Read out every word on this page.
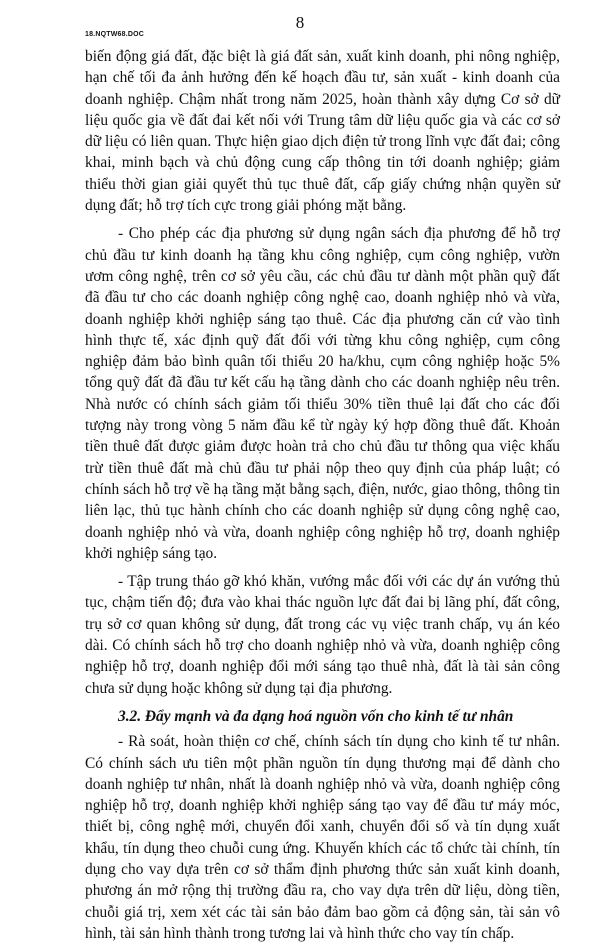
18.NQTW68.DOC
8

biến động giá đất, đặc biệt là giá đất sản, xuất kinh doanh, phi nông nghiệp, hạn chế tối đa ảnh hưởng đến kế hoạch đầu tư, sản xuất - kinh doanh của doanh nghiệp. Chậm nhất trong năm 2025, hoàn thành xây dựng Cơ sở dữ liệu quốc gia về đất đai kết nối với Trung tâm dữ liệu quốc gia và các cơ sở dữ liệu có liên quan. Thực hiện giao dịch điện tử trong lĩnh vực đất đai; công khai, minh bạch và chủ động cung cấp thông tin tới doanh nghiệp; giảm thiểu thời gian giải quyết thủ tục thuê đất, cấp giấy chứng nhận quyền sử dụng đất; hỗ trợ tích cực trong giải phóng mặt bằng.

- Cho phép các địa phương sử dụng ngân sách địa phương để hỗ trợ chủ đầu tư kinh doanh hạ tầng khu công nghiệp, cụm công nghiệp, vườn ươm công nghệ, trên cơ sở yêu cầu, các chủ đầu tư dành một phần quỹ đất đã đầu tư cho các doanh nghiệp công nghệ cao, doanh nghiệp nhỏ và vừa, doanh nghiệp khởi nghiệp sáng tạo thuê. Các địa phương căn cứ vào tình hình thực tế, xác định quỹ đất đối với từng khu công nghiệp, cụm công nghiệp đảm bảo bình quân tối thiểu 20 ha/khu, cụm công nghiệp hoặc 5% tổng quỹ đất đã đầu tư kết cấu hạ tầng dành cho các doanh nghiệp nêu trên. Nhà nước có chính sách giảm tối thiểu 30% tiền thuê lại đất cho các đối tượng này trong vòng 5 năm đầu kể từ ngày ký hợp đồng thuê đất. Khoản tiền thuê đất được giảm được hoàn trả cho chủ đầu tư thông qua việc khấu trừ tiền thuê đất mà chủ đầu tư phải nộp theo quy định của pháp luật; có chính sách hỗ trợ về hạ tầng mặt bằng sạch, điện, nước, giao thông, thông tin liên lạc, thủ tục hành chính cho các doanh nghiệp sử dụng công nghệ cao, doanh nghiệp nhỏ và vừa, doanh nghiệp công nghiệp hỗ trợ, doanh nghiệp khởi nghiệp sáng tạo.

- Tập trung tháo gỡ khó khăn, vướng mắc đối với các dự án vướng thủ tục, chậm tiến độ; đưa vào khai thác nguồn lực đất đai bị lãng phí, đất công, trụ sở cơ quan không sử dụng, đất trong các vụ việc tranh chấp, vụ án kéo dài. Có chính sách hỗ trợ cho doanh nghiệp nhỏ và vừa, doanh nghiệp công nghiệp hỗ trợ, doanh nghiệp đổi mới sáng tạo thuê nhà, đất là tài sản công chưa sử dụng hoặc không sử dụng tại địa phương.

3.2. Đẩy mạnh và đa dạng hoá nguồn vốn cho kinh tế tư nhân

- Rà soát, hoàn thiện cơ chế, chính sách tín dụng cho kinh tế tư nhân. Có chính sách ưu tiên một phần nguồn tín dụng thương mại để dành cho doanh nghiệp tư nhân, nhất là doanh nghiệp nhỏ và vừa, doanh nghiệp công nghiệp hỗ trợ, doanh nghiệp khởi nghiệp sáng tạo vay để đầu tư máy móc, thiết bị, công nghệ mới, chuyển đổi xanh, chuyển đổi số và tín dụng xuất khẩu, tín dụng theo chuỗi cung ứng. Khuyến khích các tổ chức tài chính, tín dụng cho vay dựa trên cơ sở thẩm định phương thức sản xuất kinh doanh, phương án mở rộng thị trường đầu ra, cho vay dựa trên dữ liệu, dòng tiền, chuỗi giá trị, xem xét các tài sản bảo đảm bao gồm cả động sản, tài sản vô hình, tài sản hình thành trong tương lai và hình thức cho vay tín chấp.
